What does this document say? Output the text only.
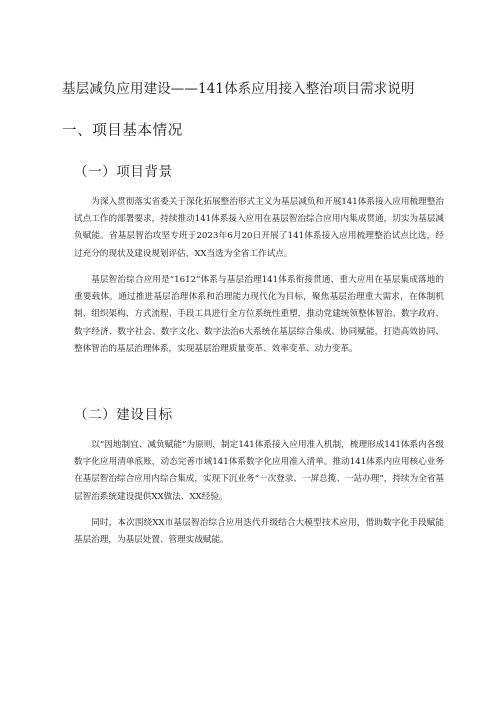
基层减负应用建设——141体系应用接入整治项目需求说明
一、项目基本情况
（一）项目背景

为深入贯彻落实省委关于深化拓展整治形式主义为基层减负和开展141体系接入应用梳理整治试点工作的部署要求，持续推动141体系接入应用在基层智治综合应用内集成贯通，切实为基层减负赋能。省基层智治攻坚专班于2023年6月20日开展了141体系接入应用梳理整治试点比选，经过充分的现状及建设规划评估，XX当选为全省工作试点。

基层智治综合应用是“1612”体系与基层治理141体系衔接贯通、重大应用在基层集成落地的重要载体。通过推进基层治理体系和治理能力现代化为目标，聚焦基层治理重大需求，在体制机制、组织架构、方式流程、手段工具进行全方位系统性重塑，推动党建统领整体智治、数字政府、数字经济、数字社会、数字文化、数字法治6大系统在基层综合集成、协同赋能，打造高效协同、整体智治的基层治理体系，实现基层治理质量变革、效率变革、动力变革。

（二）建设目标

以“因地制宜、减负赋能”为原则，制定141体系接入应用准入机制，梳理形成141体系内各级数字化应用清单底账，动态完善市域141体系数字化应用准入清单。推动141体系内应用核心业务在基层智治综合应用内综合集成，实现下沉业务“一次登录、一屏总揽、一站办理”，持续为全省基层智治系统建设提供XX做法、XX经验。

同时，本次围绕XX市基层智治综合应用迭代升级结合大模型技术应用，借助数字化手段赋能基层治理，为基层处置、管理实战赋能。
